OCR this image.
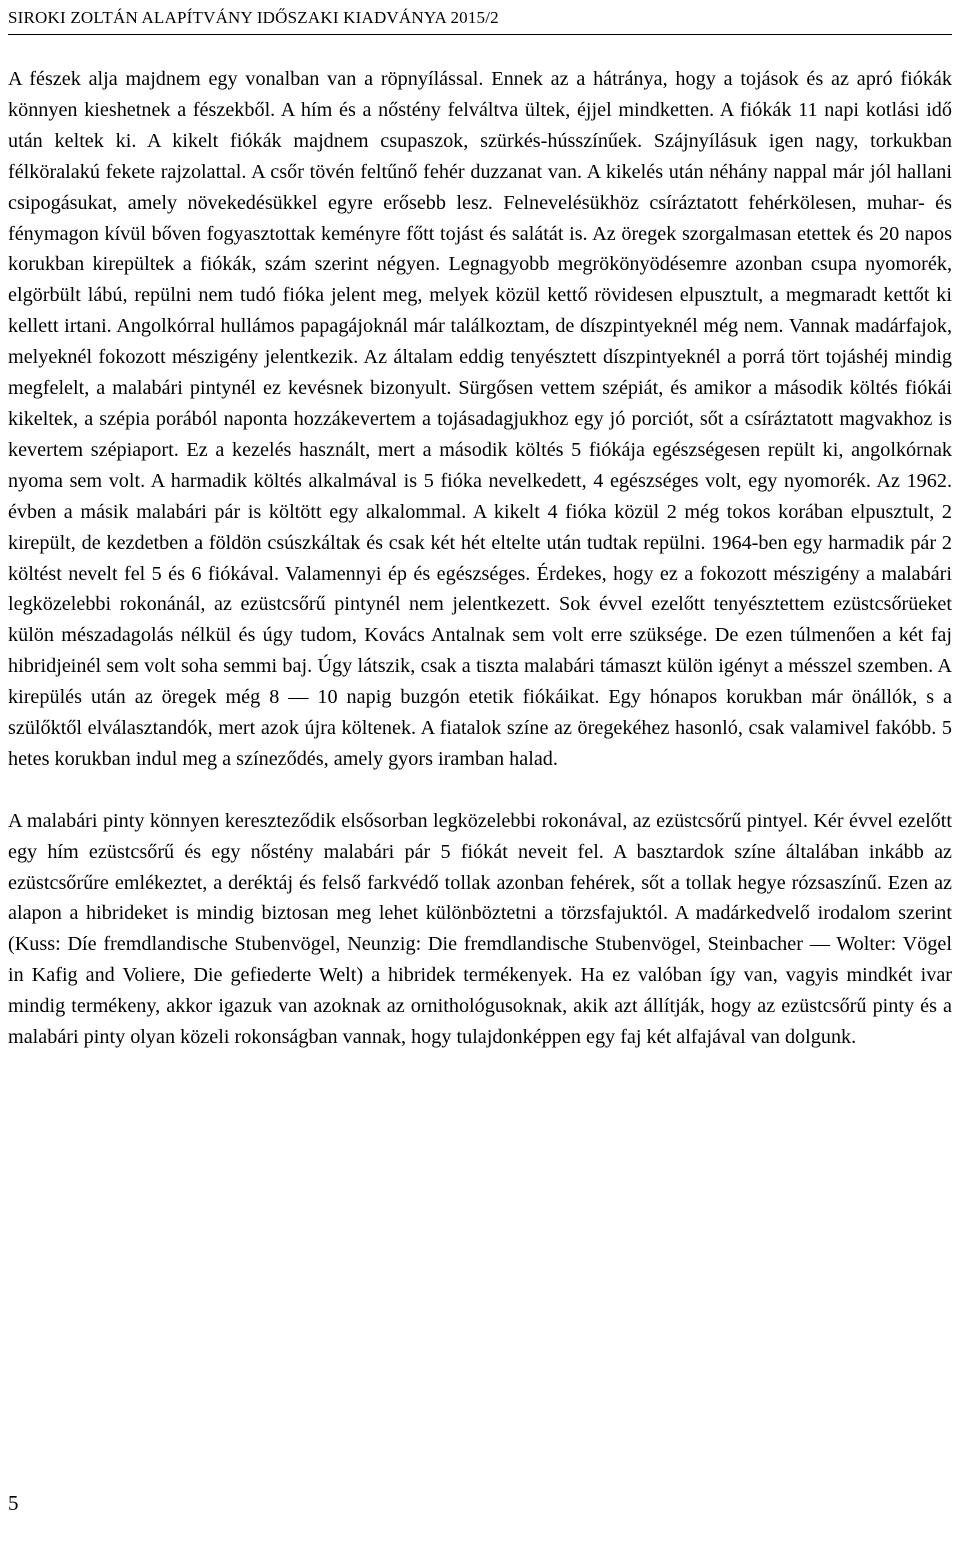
SIROKI ZOLTÁN ALAPÍTVÁNY IDŐSZAKI KIADVÁNYA 2015/2

A fészek alja majdnem egy vonalban van a röpnyílással. Ennek az a hátránya, hogy a tojások és az apró fiókák könnyen kieshetnek a fészekből. A hím és a nőstény felváltva ültek, éjjel mindketten. A fiókák 11 napi kotlási idő után keltek ki. A kikelt fiókák majdnem csupaszok, szürkés-hússzínűek. Szájnyílásuk igen nagy, torkukban félköralakú fekete rajzolattal. A csőr tövén feltűnő fehér duzzanat van. A kikelés után néhány nappal már jól hallani csipogásukat, amely növekedésükkel egyre erősebb lesz. Felnevelésükhöz csíráztatott fehérkölesen, muhar- és fénymagon kívül bőven fogyasztottak keményre főtt tojást és salátát is. Az öregek szorgalmasan etettek és 20 napos korukban kirepültek a fiókák, szám szerint négyen. Legnagyobb megrökönyödésemre azonban csupa nyomorék, elgörbült lábú, repülni nem tudó fióka jelent meg, melyek közül kettő rövidesen elpusztult, a megmaradt kettőt ki kellett irtani. Angolkórral hullámos papagájoknál már találkoztam, de díszpintyeknél még nem. Vannak madárfajok, melyeknél fokozott mészigény jelentkezik. Az általam eddig tenyésztett díszpintyeknél a porrá tört tojáshéj mindig megfelelt, a malabári pintynél ez kevésnek bizonyult. Sürgősen vettem szépiát, és amikor a második költés fiókái kikeltek, a szépia porából naponta hozzákevertem a tojásadagjukhoz egy jó porciót, sőt a csíráztatott magvakhoz is kevertem szépiaport. Ez a kezelés használt, mert a második költés 5 fiókája egészségesen repült ki, angolkórnak nyoma sem volt. A harmadik költés alkalmával is 5 fióka nevelkedett, 4 egészséges volt, egy nyomorék. Az 1962. évben a másik malabári pár is költött egy alkalommal. A kikelt 4 fióka közül 2 még tokos korában elpusztult, 2 kirepült, de kezdetben a földön csúszkáltak és csak két hét eltelte után tudtak repülni. 1964-ben egy harmadik pár 2 költést nevelt fel 5 és 6 fiókával. Valamennyi ép és egészséges. Érdekes, hogy ez a fokozott mészigény a malabári legközelebbi rokonánál, az ezüstcsőrű pintynél nem jelentkezett. Sok évvel ezelőtt tenyésztettem ezüstcsőrüeket külön mészadagolás nélkül és úgy tudom, Kovács Antalnak sem volt erre szüksége. De ezen túlmenően a két faj hibridjeinél sem volt soha semmi baj. Úgy látszik, csak a tiszta malabári támaszt külön igényt a mésszel szemben. A kirepülés után az öregek még 8 — 10 napig buzgón etetik fiókáikat. Egy hónapos korukban már önállók, s a szülőktől elválasztandók, mert azok újra költenek. A fiatalok színe az öregekéhez hasonló, csak valamivel fakóbb. 5 hetes korukban indul meg a színeződés, amely gyors iramban halad.

A malabári pinty könnyen kereszteződik elsősorban legközelebbi rokonával, az ezüstcsőrű pintyel. Kér évvel ezelőtt egy hím ezüstcsőrű és egy nőstény malabári pár 5 fiókát neveit fel. A basztardok színe általában inkább az ezüstcsőrűre emlékeztet, a deréktáj és felső farkvédő tollak azonban fehérek, sőt a tollak hegye rózsaszínű. Ezen az alapon a hibrideket is mindig biztosan meg lehet különböztetni a törzsfajuktól. A madárkedvelő irodalom szerint (Kuss: Díe fremdlandische Stubenvögel, Neunzig: Die fremdlandische Stubenvögel, Steinbacher — Wolter: Vögel in Kafig and Voliere, Die gefiederte Welt) a hibridek termékenyek. Ha ez valóban így van, vagyis mindkét ivar mindig termékeny, akkor igazuk van azoknak az ornithológusoknak, akik azt állítják, hogy az ezüstcsőrű pinty és a malabári pinty olyan közeli rokonságban vannak, hogy tulajdonképpen egy faj két alfajával van dolgunk.

5
